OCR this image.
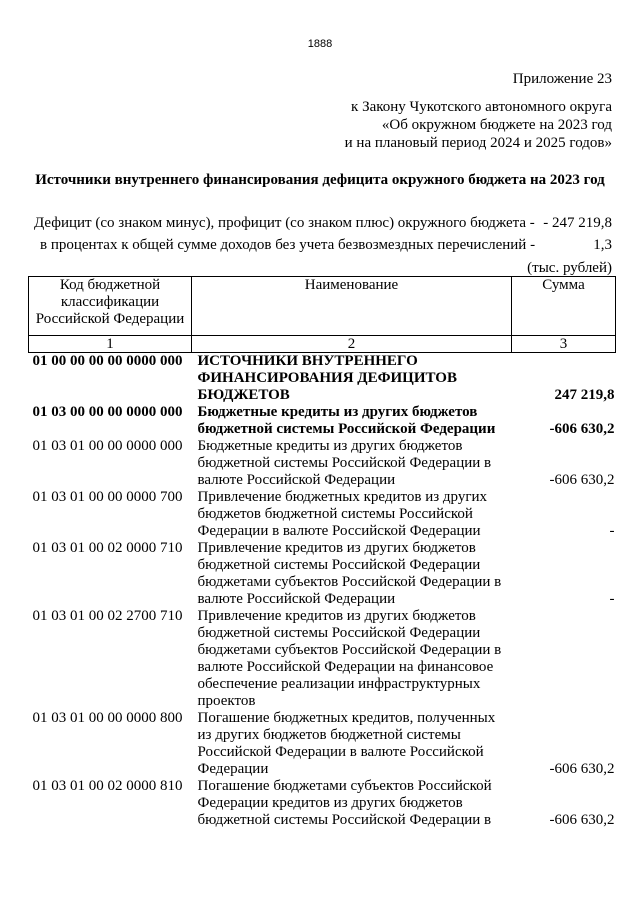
1888
Приложение 23
к Закону Чукотского автономного округа
«Об окружном бюджете на 2023 год
и на плановый период 2024 и 2025 годов»
Источники внутреннего финансирования дефицита окружного бюджета на 2023 год
Дефицит (со знаком минус), профицит (со знаком плюс) окружного бюджета - - 247 219,8
в процентах к общей сумме доходов без учета безвозмездных перечислений -	1,3
(тыс. рублей)
Код бюджетной классификации Российской Федерации	Наименование	Сумма
1	2	3
01 00 00 00 00 0000 000	ИСТОЧНИКИ ВНУТРЕННЕГО ФИНАНСИРОВАНИЯ ДЕФИЦИТОВ БЮДЖЕТОВ	247 219,8
01 03 00 00 00 0000 000	Бюджетные кредиты из других бюджетов бюджетной системы Российской Федерации	-606 630,2
01 03 01 00 00 0000 000	Бюджетные кредиты из других бюджетов бюджетной системы Российской Федерации в валюте Российской Федерации	-606 630,2
01 03 01 00 00 0000 700	Привлечение бюджетных кредитов из других бюджетов бюджетной системы Российской Федерации в валюте Российской Федерации	-
01 03 01 00 02 0000 710	Привлечение кредитов из других бюджетов бюджетной системы Российской Федерации бюджетами субъектов Российской Федерации в валюте Российской Федерации	-
01 03 01 00 02 2700 710	Привлечение кредитов из других бюджетов бюджетной системы Российской Федерации бюджетами субъектов Российской Федерации в валюте Российской Федерации на финансовое обеспечение реализации инфраструктурных проектов	
01 03 01 00 00 0000 800	Погашение бюджетных кредитов, полученных из других бюджетов бюджетной системы Российской Федерации в валюте Российской Федерации	-606 630,2
01 03 01 00 02 0000 810	Погашение бюджетами субъектов Российской Федерации кредитов из других бюджетов бюджетной системы Российской Федерации в	-606 630,2
